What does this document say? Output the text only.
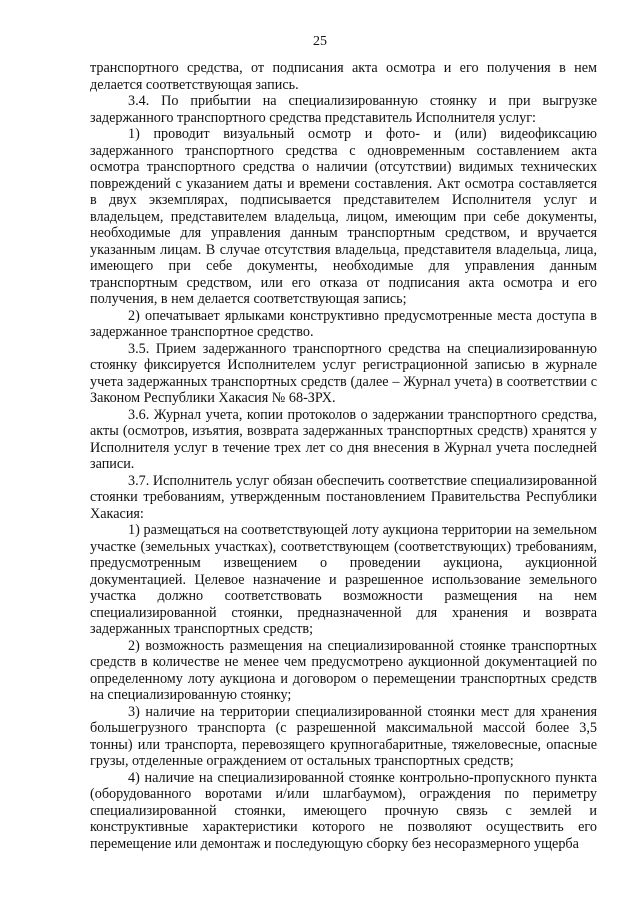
25

транспортного средства, от подписания акта осмотра и его получения в нем делается соответствующая запись.

3.4. По прибытии на специализированную стоянку и при выгрузке задержанного транспортного средства представитель Исполнителя услуг:

1) проводит визуальный осмотр и фото- и (или) видеофиксацию задержанного транспортного средства с одновременным составлением акта осмотра транспортного средства о наличии (отсутствии) видимых технических повреждений с указанием даты и времени составления. Акт осмотра составляется в двух экземплярах, подписывается представителем Исполнителя услуг и владельцем, представителем владельца, лицом, имеющим при себе документы, необходимые для управления данным транспортным средством, и вручается указанным лицам. В случае отсутствия владельца, представителя владельца, лица, имеющего при себе документы, необходимые для управления данным транспортным средством, или его отказа от подписания акта осмотра и его получения, в нем делается соответствующая запись;

2) опечатывает ярлыками конструктивно предусмотренные места доступа в задержанное транспортное средство.

3.5. Прием задержанного транспортного средства на специализированную стоянку фиксируется Исполнителем услуг регистрационной записью в журнале учета задержанных транспортных средств (далее – Журнал учета) в соответствии с Законом Республики Хакасия № 68-ЗРХ.

3.6. Журнал учета, копии протоколов о задержании транспортного средства, акты (осмотров, изъятия, возврата задержанных транспортных средств) хранятся у Исполнителя услуг в течение трех лет со дня внесения в Журнал учета последней записи.

3.7. Исполнитель услуг обязан обеспечить соответствие специализированной стоянки требованиям, утвержденным постановлением Правительства Республики Хакасия:

1) размещаться на соответствующей лоту аукциона территории на земельном участке (земельных участках), соответствующем (соответствующих) требованиям, предусмотренным извещением о проведении аукциона, аукционной документацией. Целевое назначение и разрешенное использование земельного участка должно соответствовать возможности размещения на нем специализированной стоянки, предназначенной для хранения и возврата задержанных транспортных средств;

2) возможность размещения на специализированной стоянке транспортных средств в количестве не менее чем предусмотрено аукционной документацией по определенному лоту аукциона и договором о перемещении транспортных средств на специализированную стоянку;

3) наличие на территории специализированной стоянки мест для хранения большегрузного транспорта (с разрешенной максимальной массой более 3,5 тонны) или транспорта, перевозящего крупногабаритные, тяжеловесные, опасные грузы, отделенные ограждением от остальных транспортных средств;

4) наличие на специализированной стоянке контрольно-пропускного пункта (оборудованного воротами и/или шлагбаумом), ограждения по периметру специализированной стоянки, имеющего прочную связь с землей и конструктивные характеристики которого не позволяют осуществить его перемещение или демонтаж и последующую сборку без несоразмерного ущерба
